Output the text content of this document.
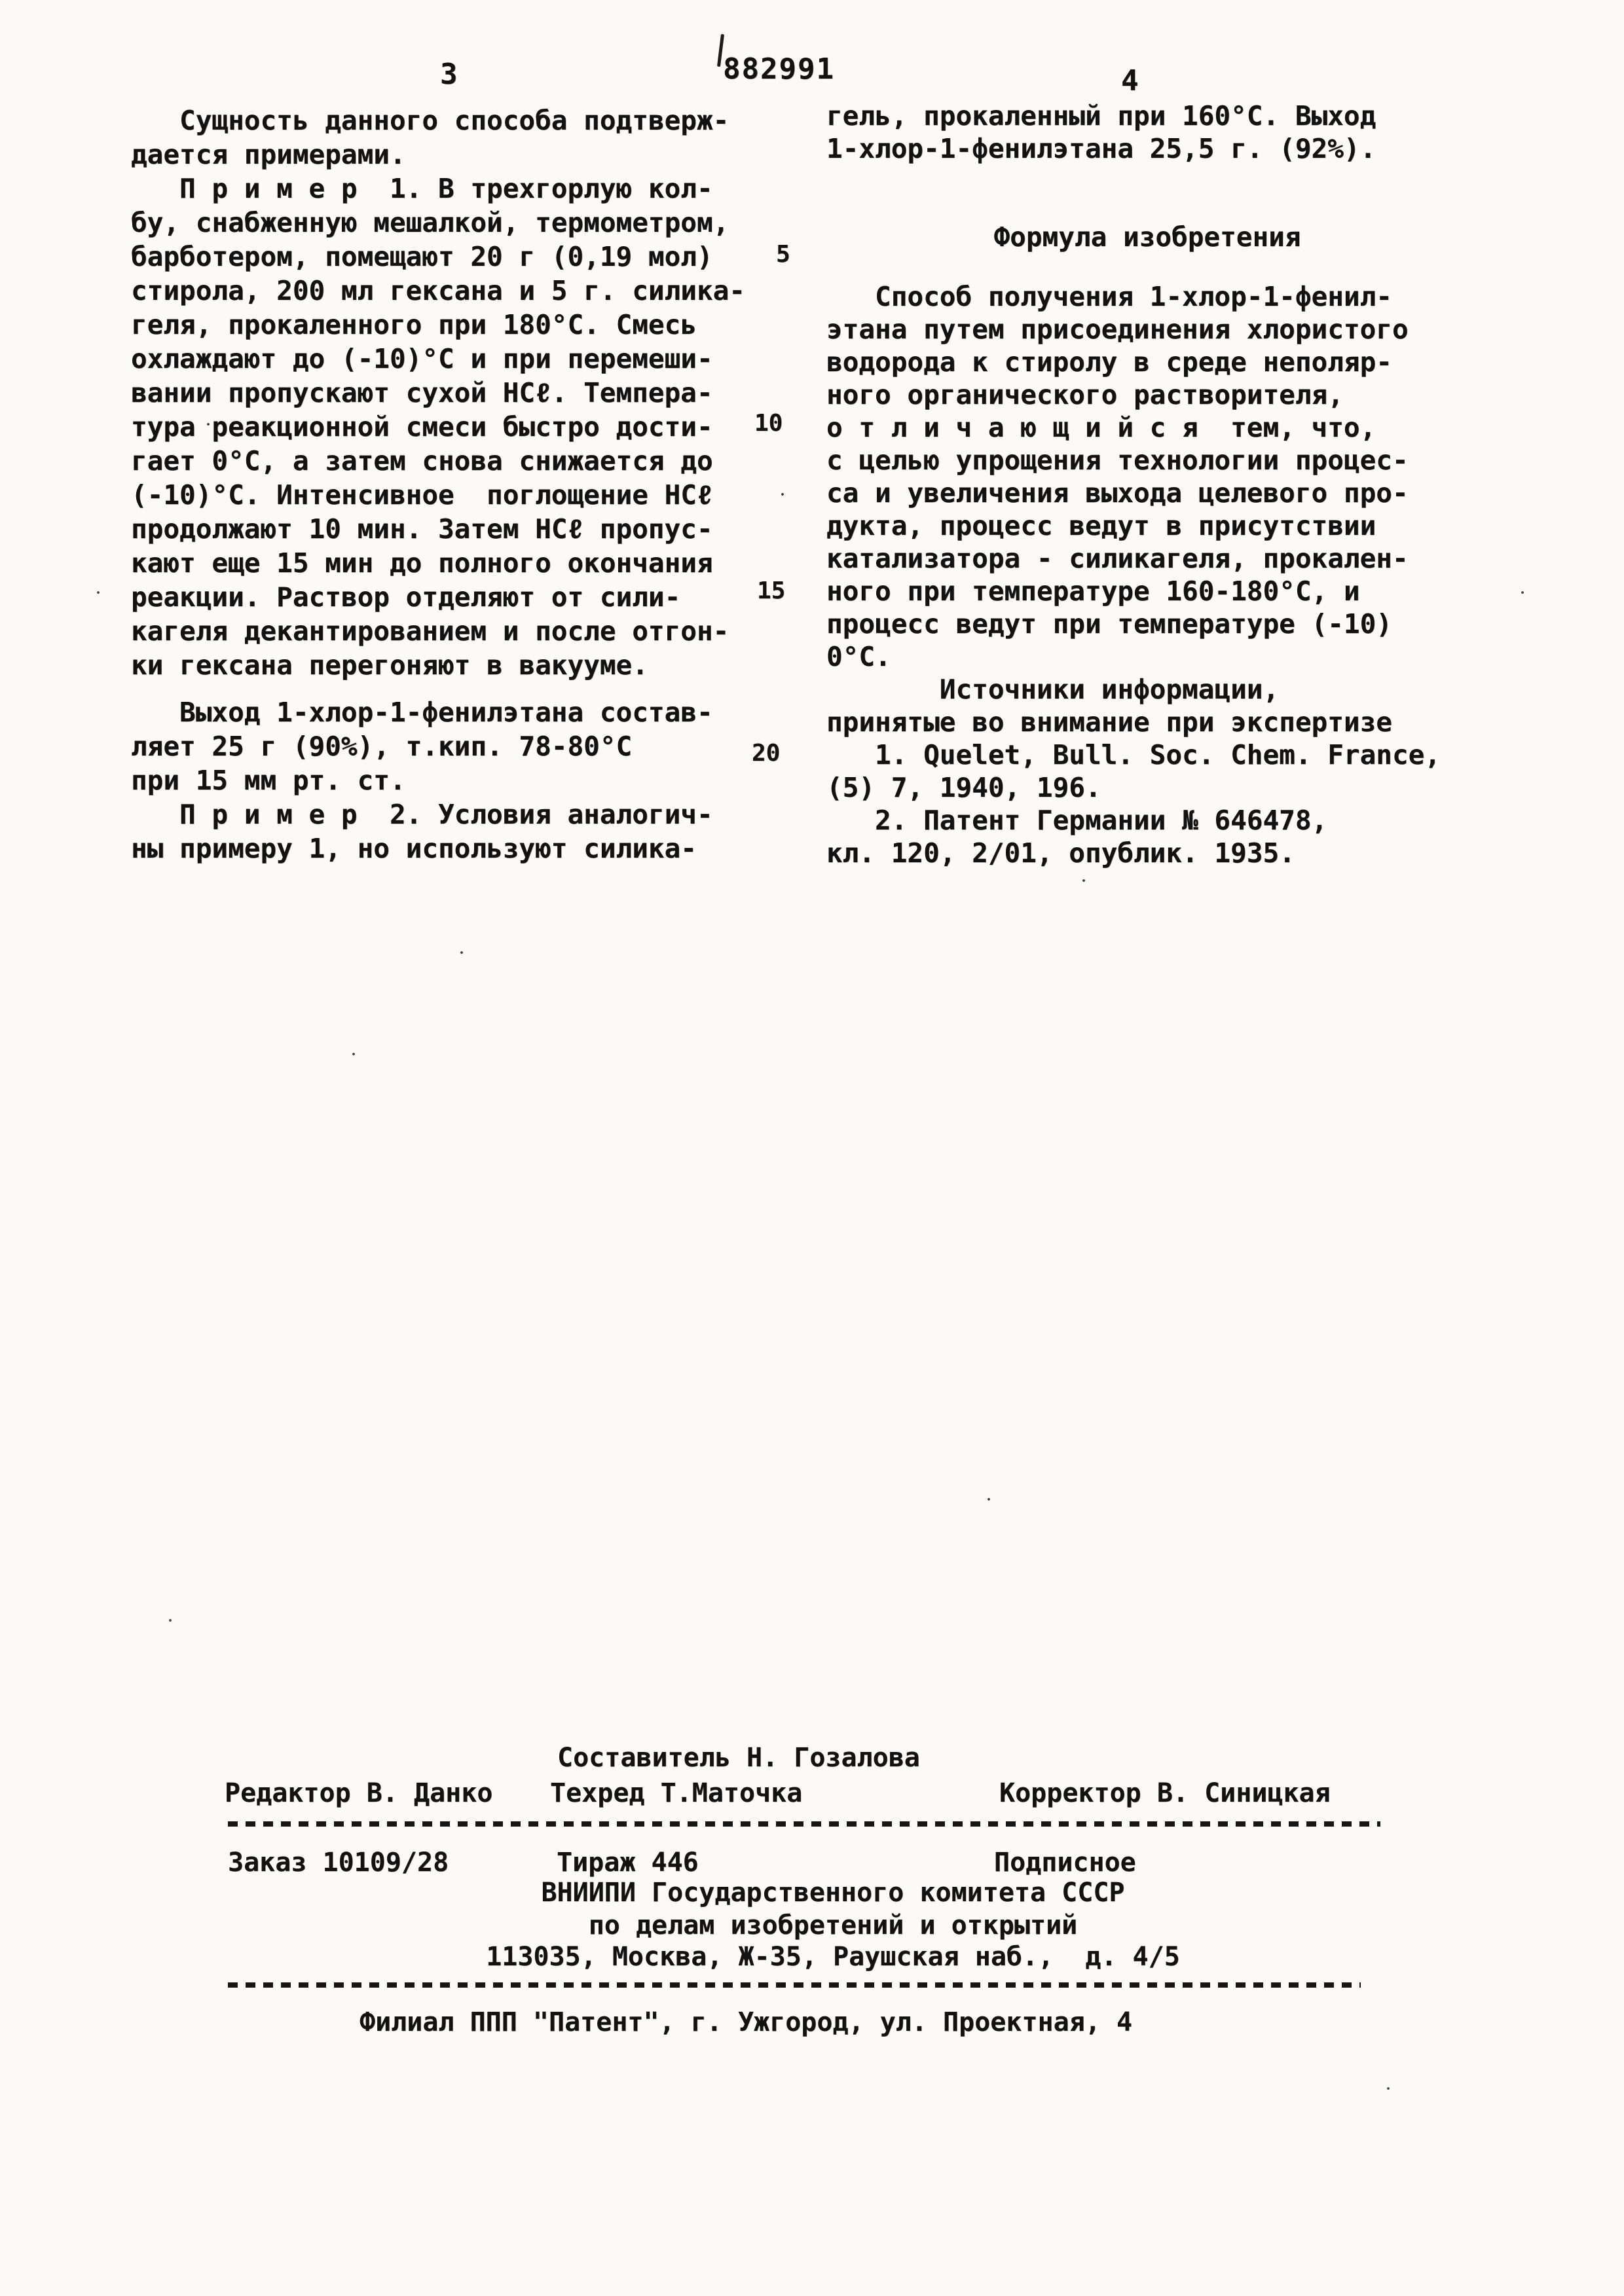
3	882991	4
Сущность данного способа подтверж-
дается примерами.
П р и м е р  1. В трехгорлую кол-
бу, снабженную мешалкой, термометром,
барботером, помещают 20 г (0,19 мол)
стирола, 200 мл гексана и 5 г. силика-
геля, прокаленного при 180°С. Смесь
охлаждают до (-10)°С и при перемеши-
вании пропускают сухой HCℓ. Темпера-
тура реакционной смеси быстро дости-
гает 0°С, а затем снова снижается до
(-10)°С. Интенсивное  поглощение HCℓ
продолжают 10 мин. Затем HCℓ пропус-
кают еще 15 мин до полного окончания
реакции. Раствор отделяют от сили-
кагеля декантированием и после отгон-
ки гексана перегоняют в вакууме.
Выход 1-хлор-1-фенилэтана состав-
ляет 25 г (90%), т.кип. 78-80°С
при 15 мм рт. ст.
П р и м е р  2. Условия аналогич-
ны примеру 1, но используют силика-
5
10
15
20
гель, прокаленный при 160°С. Выход
1-хлор-1-фенилэтана 25,5 г. (92%).
Формула изобретения
Способ получения 1-хлор-1-фенил-
этана путем присоединения хлористого
водорода к стиролу в среде неполяр-
ного органического растворителя,
о т л и ч а ю щ и й с я  тем, что,
с целью упрощения технологии процес-
са и увеличения выхода целевого про-
дукта, процесс ведут в присутствии
катализатора - силикагеля, прокален-
ного при температуре 160-180°С, и
процесс ведут при температуре (-10)
0°С.
Источники информации,
принятые во внимание при экспертизе
1. Quelet, Bull. Soc. Chem. France,
(5) 7, 1940, 196.
2. Патент Германии № 646478,
кл. 120, 2/01, опублик. 1935.
Составитель Н. Гозалова
Редактор В. Данко Техред Т.Маточка	Корректор В. Синицкая
Заказ 10109/28	Тираж 446	Подписное
ВНИИПИ Государственного комитета СССР
по делам изобретений и открытий
113035, Москва, Ж-35, Раушская наб.,  д. 4/5
Филиал ППП "Патент", г. Ужгород, ул. Проектная, 4
